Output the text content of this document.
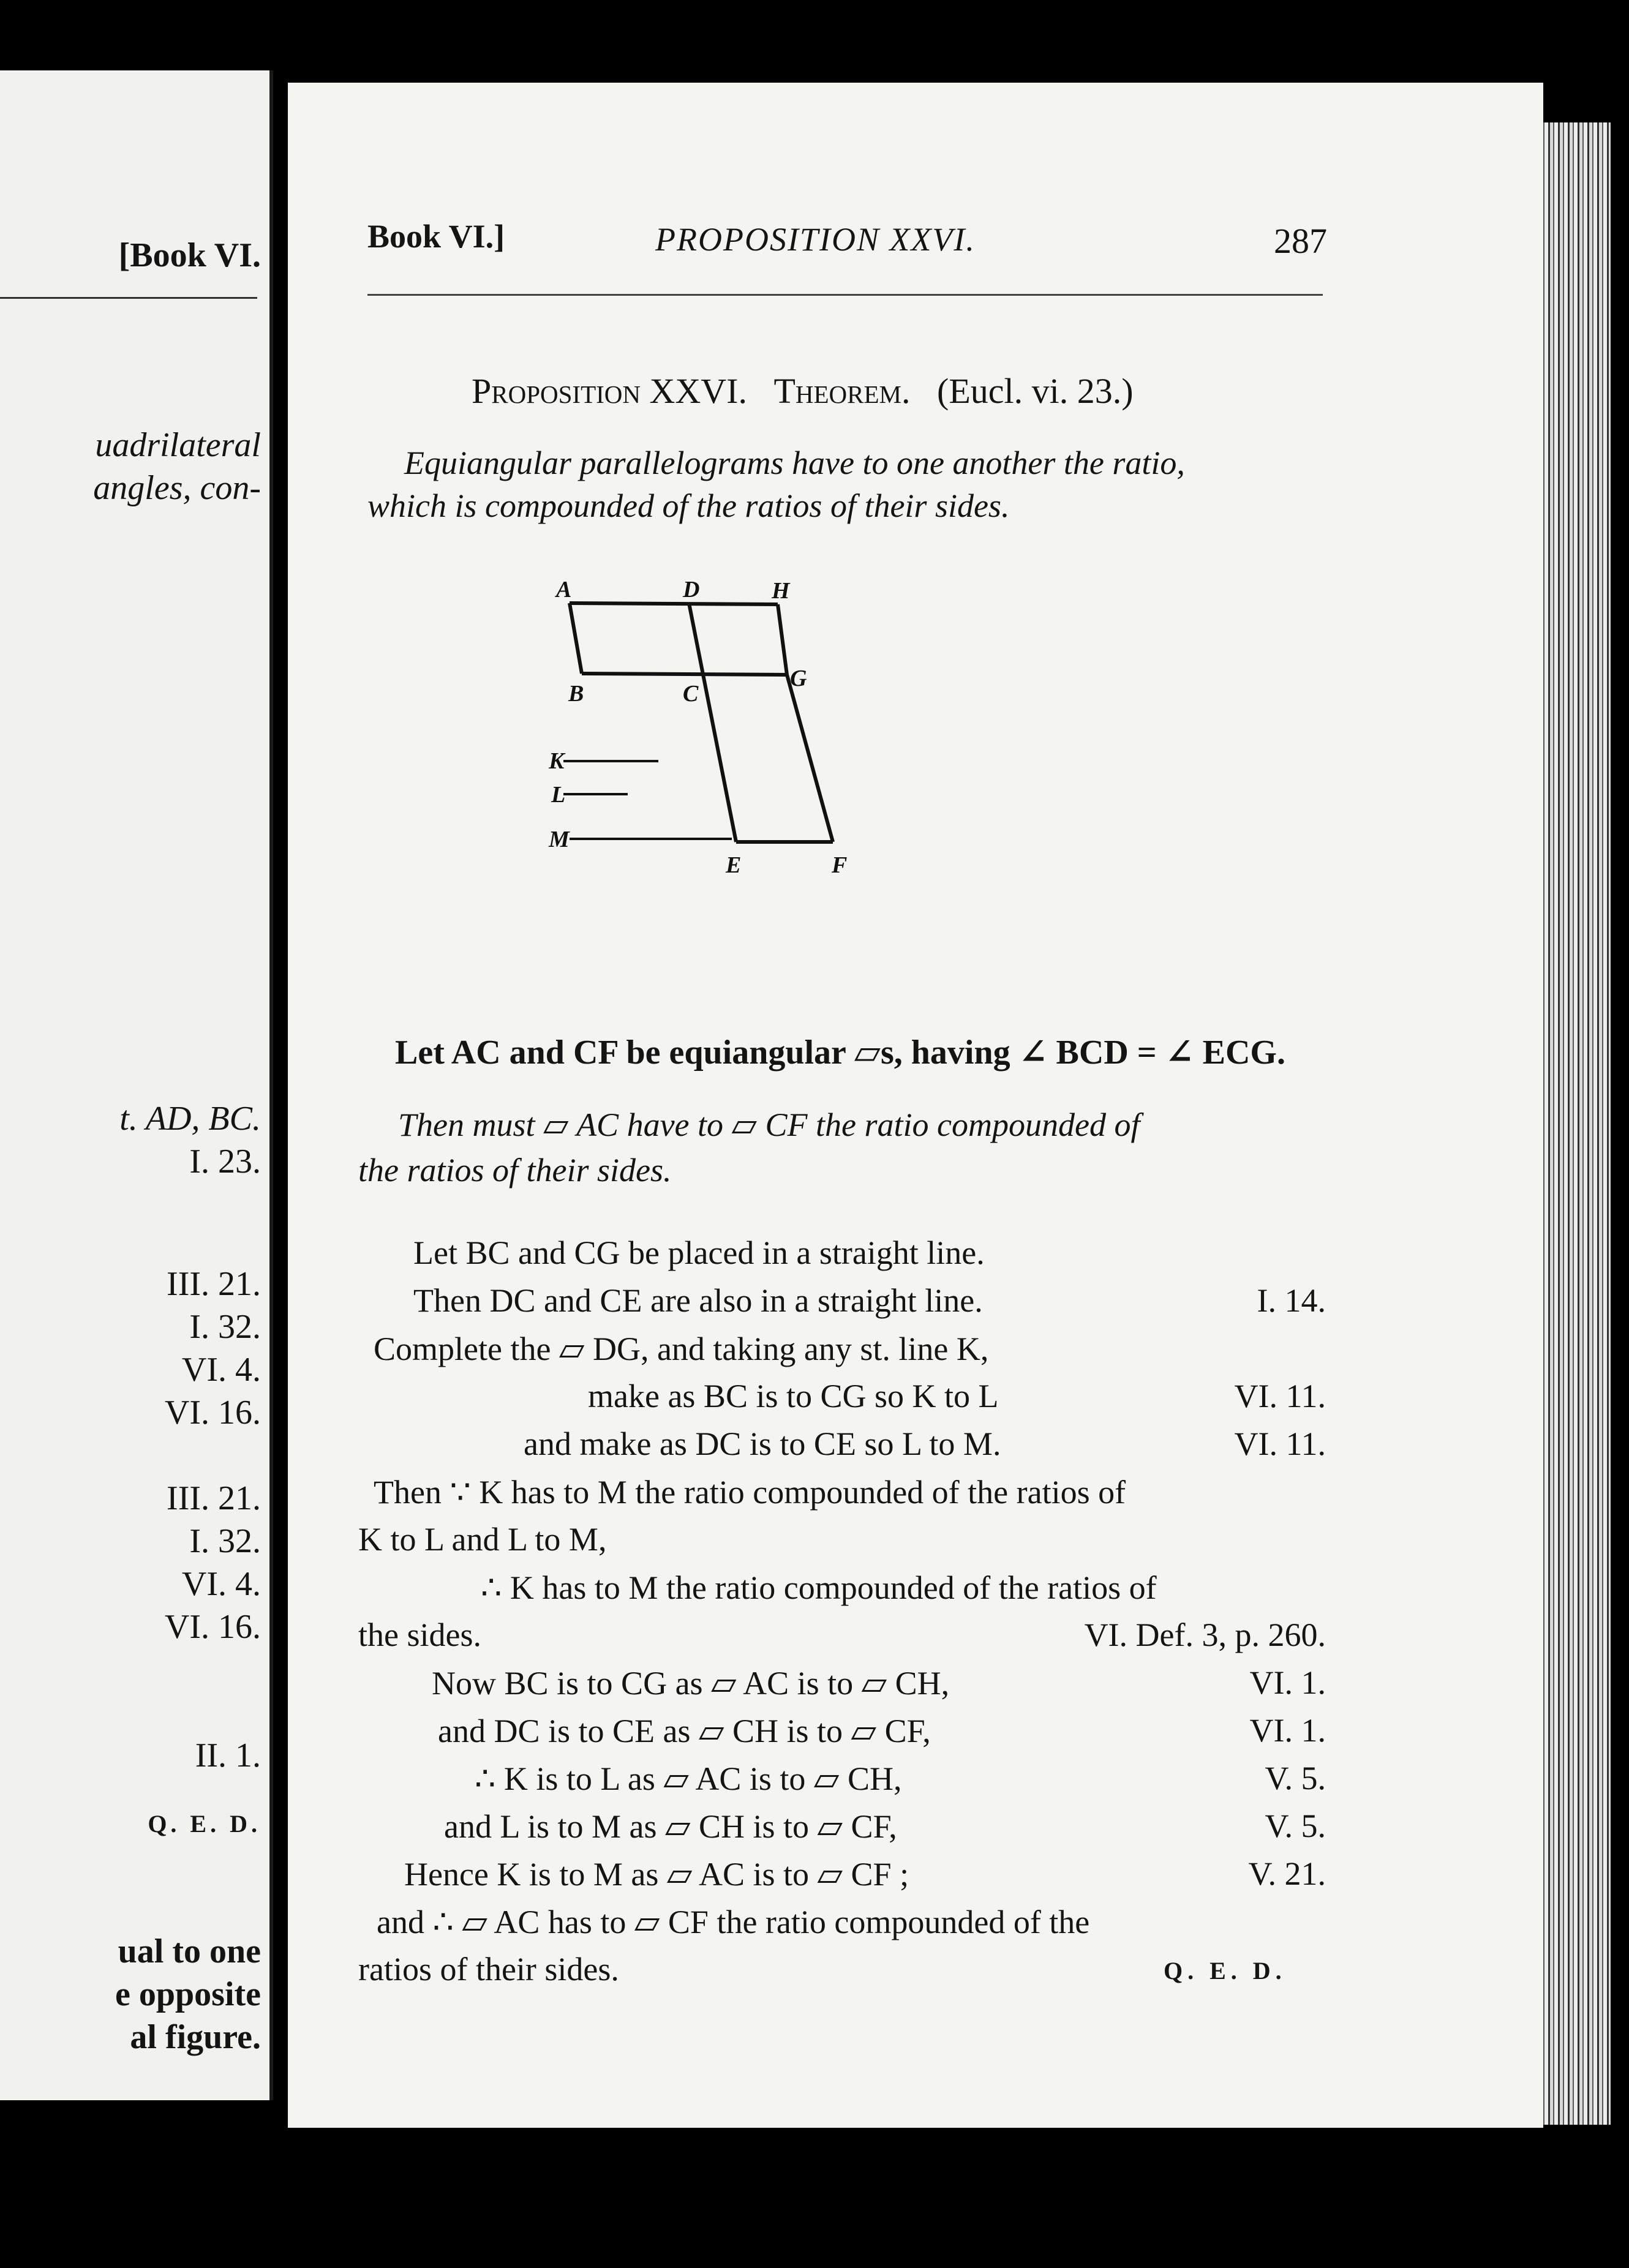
[Book VI.
uadrilateral
angles, con-
t. AD, BC.
I. 23.
III. 21.
I. 32.
VI. 4.
VI. 16.
III. 21.
I. 32.
VI. 4.
VI. 16.
II. 1.
Q. E. D.
ual to one
e opposite
al figure.
Book VI.]	PROPOSITION XXVI.	287
Proposition XXVI. Theorem. (Eucl. vi. 23.)
Equiangular parallelograms have to one another the ratio,
which is compounded of the ratios of their sides.
A	D	H
B	C
G
K
L
M
E	F
Let AC and CF be equiangular ▱s, having ∠ BCD = ∠ ECG.
Then must ▱ AC have to ▱ CF the ratio compounded of
the ratios of their sides.
Let BC and CG be placed in a straight line.
Then DC and CE are also in a straight line.	I. 14.
Complete the ▱ DG, and taking any st. line K,
make as BC is to CG so K to L	VI. 11.
and make as DC is to CE so L to M.	VI. 11.
Then ∵ K has to M the ratio compounded of the ratios of
K to L and L to M,
∴ K has to M the ratio compounded of the ratios of
the sides.	VI. Def. 3, p. 260.
Now BC is to CG as ▱ AC is to ▱ CH,	VI. 1.
and DC is to CE as ▱ CH is to ▱ CF,	VI. 1.
∴ K is to L as ▱ AC is to ▱ CH,	V. 5.
and L is to M as ▱ CH is to ▱ CF,	V. 5.
Hence K is to M as ▱ AC is to ▱ CF ;	V. 21.
and ∴ ▱ AC has to ▱ CF the ratio compounded of the
ratios of their sides.	Q. E. D.
